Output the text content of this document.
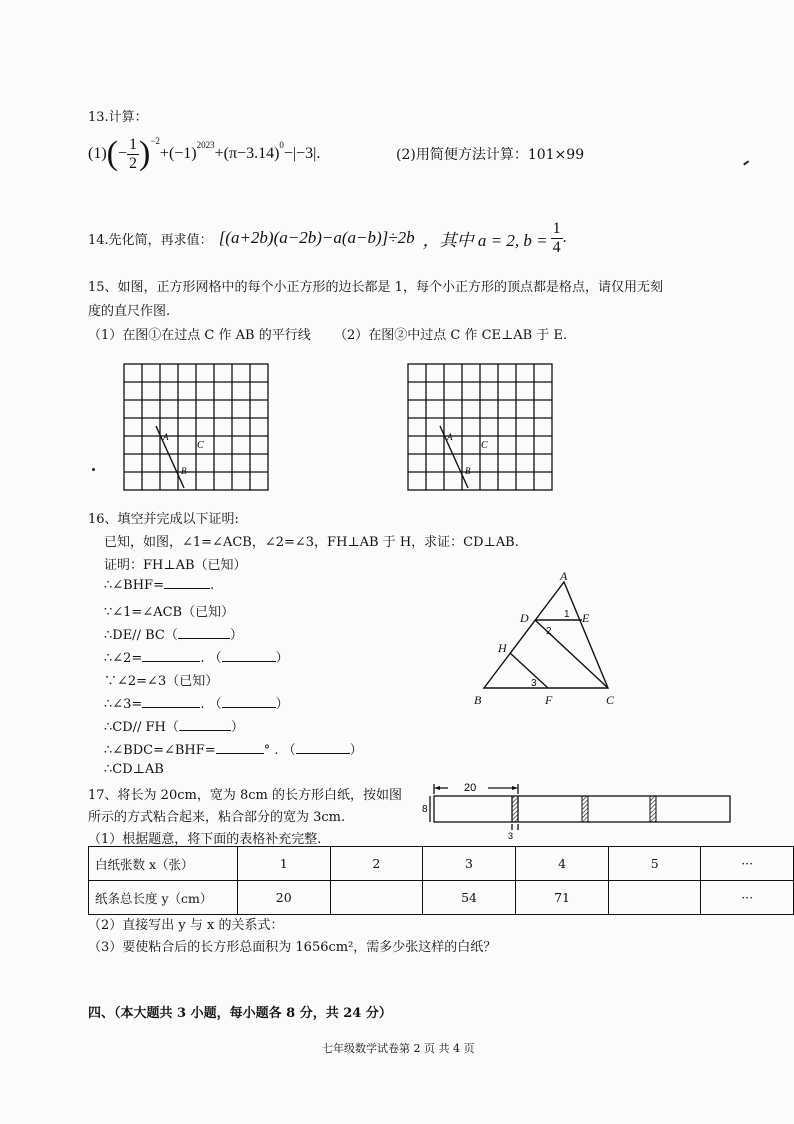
13.计算：
(1) ( − $\frac{1}{2} )^{-2}$
$+(-1)^{2023} +(\pi-3.14)^0 -|-3|$.	(2)用简便方法计算：101×99
14.先化简，再求值： [(a+2b)(a−2b)−a(a−b)]÷2b ，其中 a = 2, $b = \frac{1}{4}$ .
15、如图，正方形网格中的每个小正方形的边长都是 1，每个小正方形的顶点都是格点，请仅用无刻
度的直尺作图.
（1）在图①在过点 C 作 AB 的平行线 （2）在图②中过点 C 作 CE⊥AB 于 E.
A
B
C
A
B
C
16、填空并完成以下证明:
已知，如图，∠1=∠ACB，∠2=∠3，FH⊥AB 于 H，求证：CD⊥AB.
证明：FH⊥AB（已知）
∴∠BHF=	.
∵∠1=∠ACB（已知）
∴DE// BC（	）
∴∠2=	. （	）
∵∠2=∠3（已知）
∴∠3=	. （	）
∴CD// FH（	）
∴∠BDC=∠BHF=	° . （	）
∴CD⊥AB
A
D	E
H
B	F	C
1
2
3
17、将长为 20cm，宽为 8cm 的长方形白纸，按如图
所示的方式粘合起来，粘合部分的宽为 3cm.
（1）根据题意，将下面的表格补充完整.
20
8
3
白纸张数 x（张）	1	2	3	4	5	···
纸条总长度 y（cm）	20		54	71		···
（2）直接写出 y 与 x 的关系式：
（3）要使粘合后的长方形总面积为 1656cm²，需多少张这样的白纸？
四、（本大题共 3 小题，每小题各 8 分，共 24 分）
七年级数学试卷第 2 页 共 4 页
